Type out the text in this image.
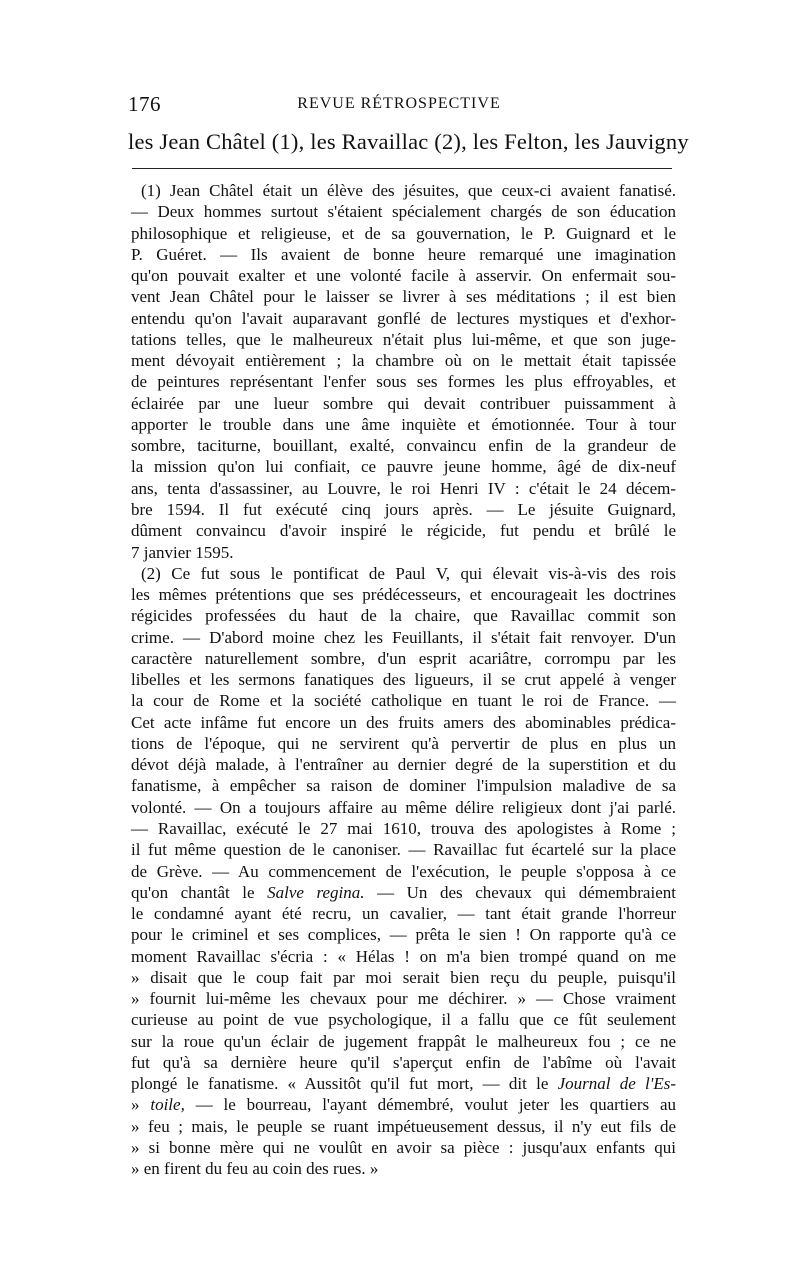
176	REVUE RÉTROSPECTIVE
les Jean Châtel (1), les Ravaillac (2), les Felton, les Jauvigny
(1) Jean Châtel était un élève des jésuites, que ceux-ci avaient fanatisé.
— Deux hommes surtout s'étaient spécialement chargés de son éducation
philosophique et religieuse, et de sa gouvernation, le P. Guignard et le
P. Guéret. — Ils avaient de bonne heure remarqué une imagination
qu'on pouvait exalter et une volonté facile à asservir. On enfermait sou-
vent Jean Châtel pour le laisser se livrer à ses méditations ; il est bien
entendu qu'on l'avait auparavant gonflé de lectures mystiques et d'exhor-
tations telles, que le malheureux n'était plus lui-même, et que son juge-
ment dévoyait entièrement ; la chambre où on le mettait était tapissée
de peintures représentant l'enfer sous ses formes les plus effroyables, et
éclairée par une lueur sombre qui devait contribuer puissamment à
apporter le trouble dans une âme inquiète et émotionnée. Tour à tour
sombre, taciturne, bouillant, exalté, convaincu enfin de la grandeur de
la mission qu'on lui confiait, ce pauvre jeune homme, âgé de dix-neuf
ans, tenta d'assassiner, au Louvre, le roi Henri IV : c'était le 24 décem-
bre 1594. Il fut exécuté cinq jours après. — Le jésuite Guignard,
dûment convaincu d'avoir inspiré le régicide, fut pendu et brûlé le
7 janvier 1595.
(2) Ce fut sous le pontificat de Paul V, qui élevait vis-à-vis des rois
les mêmes prétentions que ses prédécesseurs, et encourageait les doctrines
régicides professées du haut de la chaire, que Ravaillac commit son
crime. — D'abord moine chez les Feuillants, il s'était fait renvoyer. D'un
caractère naturellement sombre, d'un esprit acariâtre, corrompu par les
libelles et les sermons fanatiques des ligueurs, il se crut appelé à venger
la cour de Rome et la société catholique en tuant le roi de France. —
Cet acte infâme fut encore un des fruits amers des abominables prédica-
tions de l'époque, qui ne servirent qu'à pervertir de plus en plus un
dévot déjà malade, à l'entraîner au dernier degré de la superstition et du
fanatisme, à empêcher sa raison de dominer l'impulsion maladive de sa
volonté. — On a toujours affaire au même délire religieux dont j'ai parlé.
— Ravaillac, exécuté le 27 mai 1610, trouva des apologistes à Rome ;
il fut même question de le canoniser. — Ravaillac fut écartelé sur la place
de Grève. — Au commencement de l'exécution, le peuple s'opposa à ce
qu'on chantât le Salve regina. — Un des chevaux qui démembraient
le condamné ayant été recru, un cavalier, — tant était grande l'horreur
pour le criminel et ses complices, — prêta le sien ! On rapporte qu'à ce
moment Ravaillac s'écria : « Hélas ! on m'a bien trompé quand on me
» disait que le coup fait par moi serait bien reçu du peuple, puisqu'il
» fournit lui-même les chevaux pour me déchirer. » — Chose vraiment
curieuse au point de vue psychologique, il a fallu que ce fût seulement
sur la roue qu'un éclair de jugement frappât le malheureux fou ; ce ne
fut qu'à sa dernière heure qu'il s'aperçut enfin de l'abîme où l'avait
plongé le fanatisme. « Aussitôt qu'il fut mort, — dit le Journal de l'Es-
» toile, — le bourreau, l'ayant démembré, voulut jeter les quartiers au
» feu ; mais, le peuple se ruant impétueusement dessus, il n'y eut fils de
» si bonne mère qui ne voulût en avoir sa pièce : jusqu'aux enfants qui
» en firent du feu au coin des rues. »
